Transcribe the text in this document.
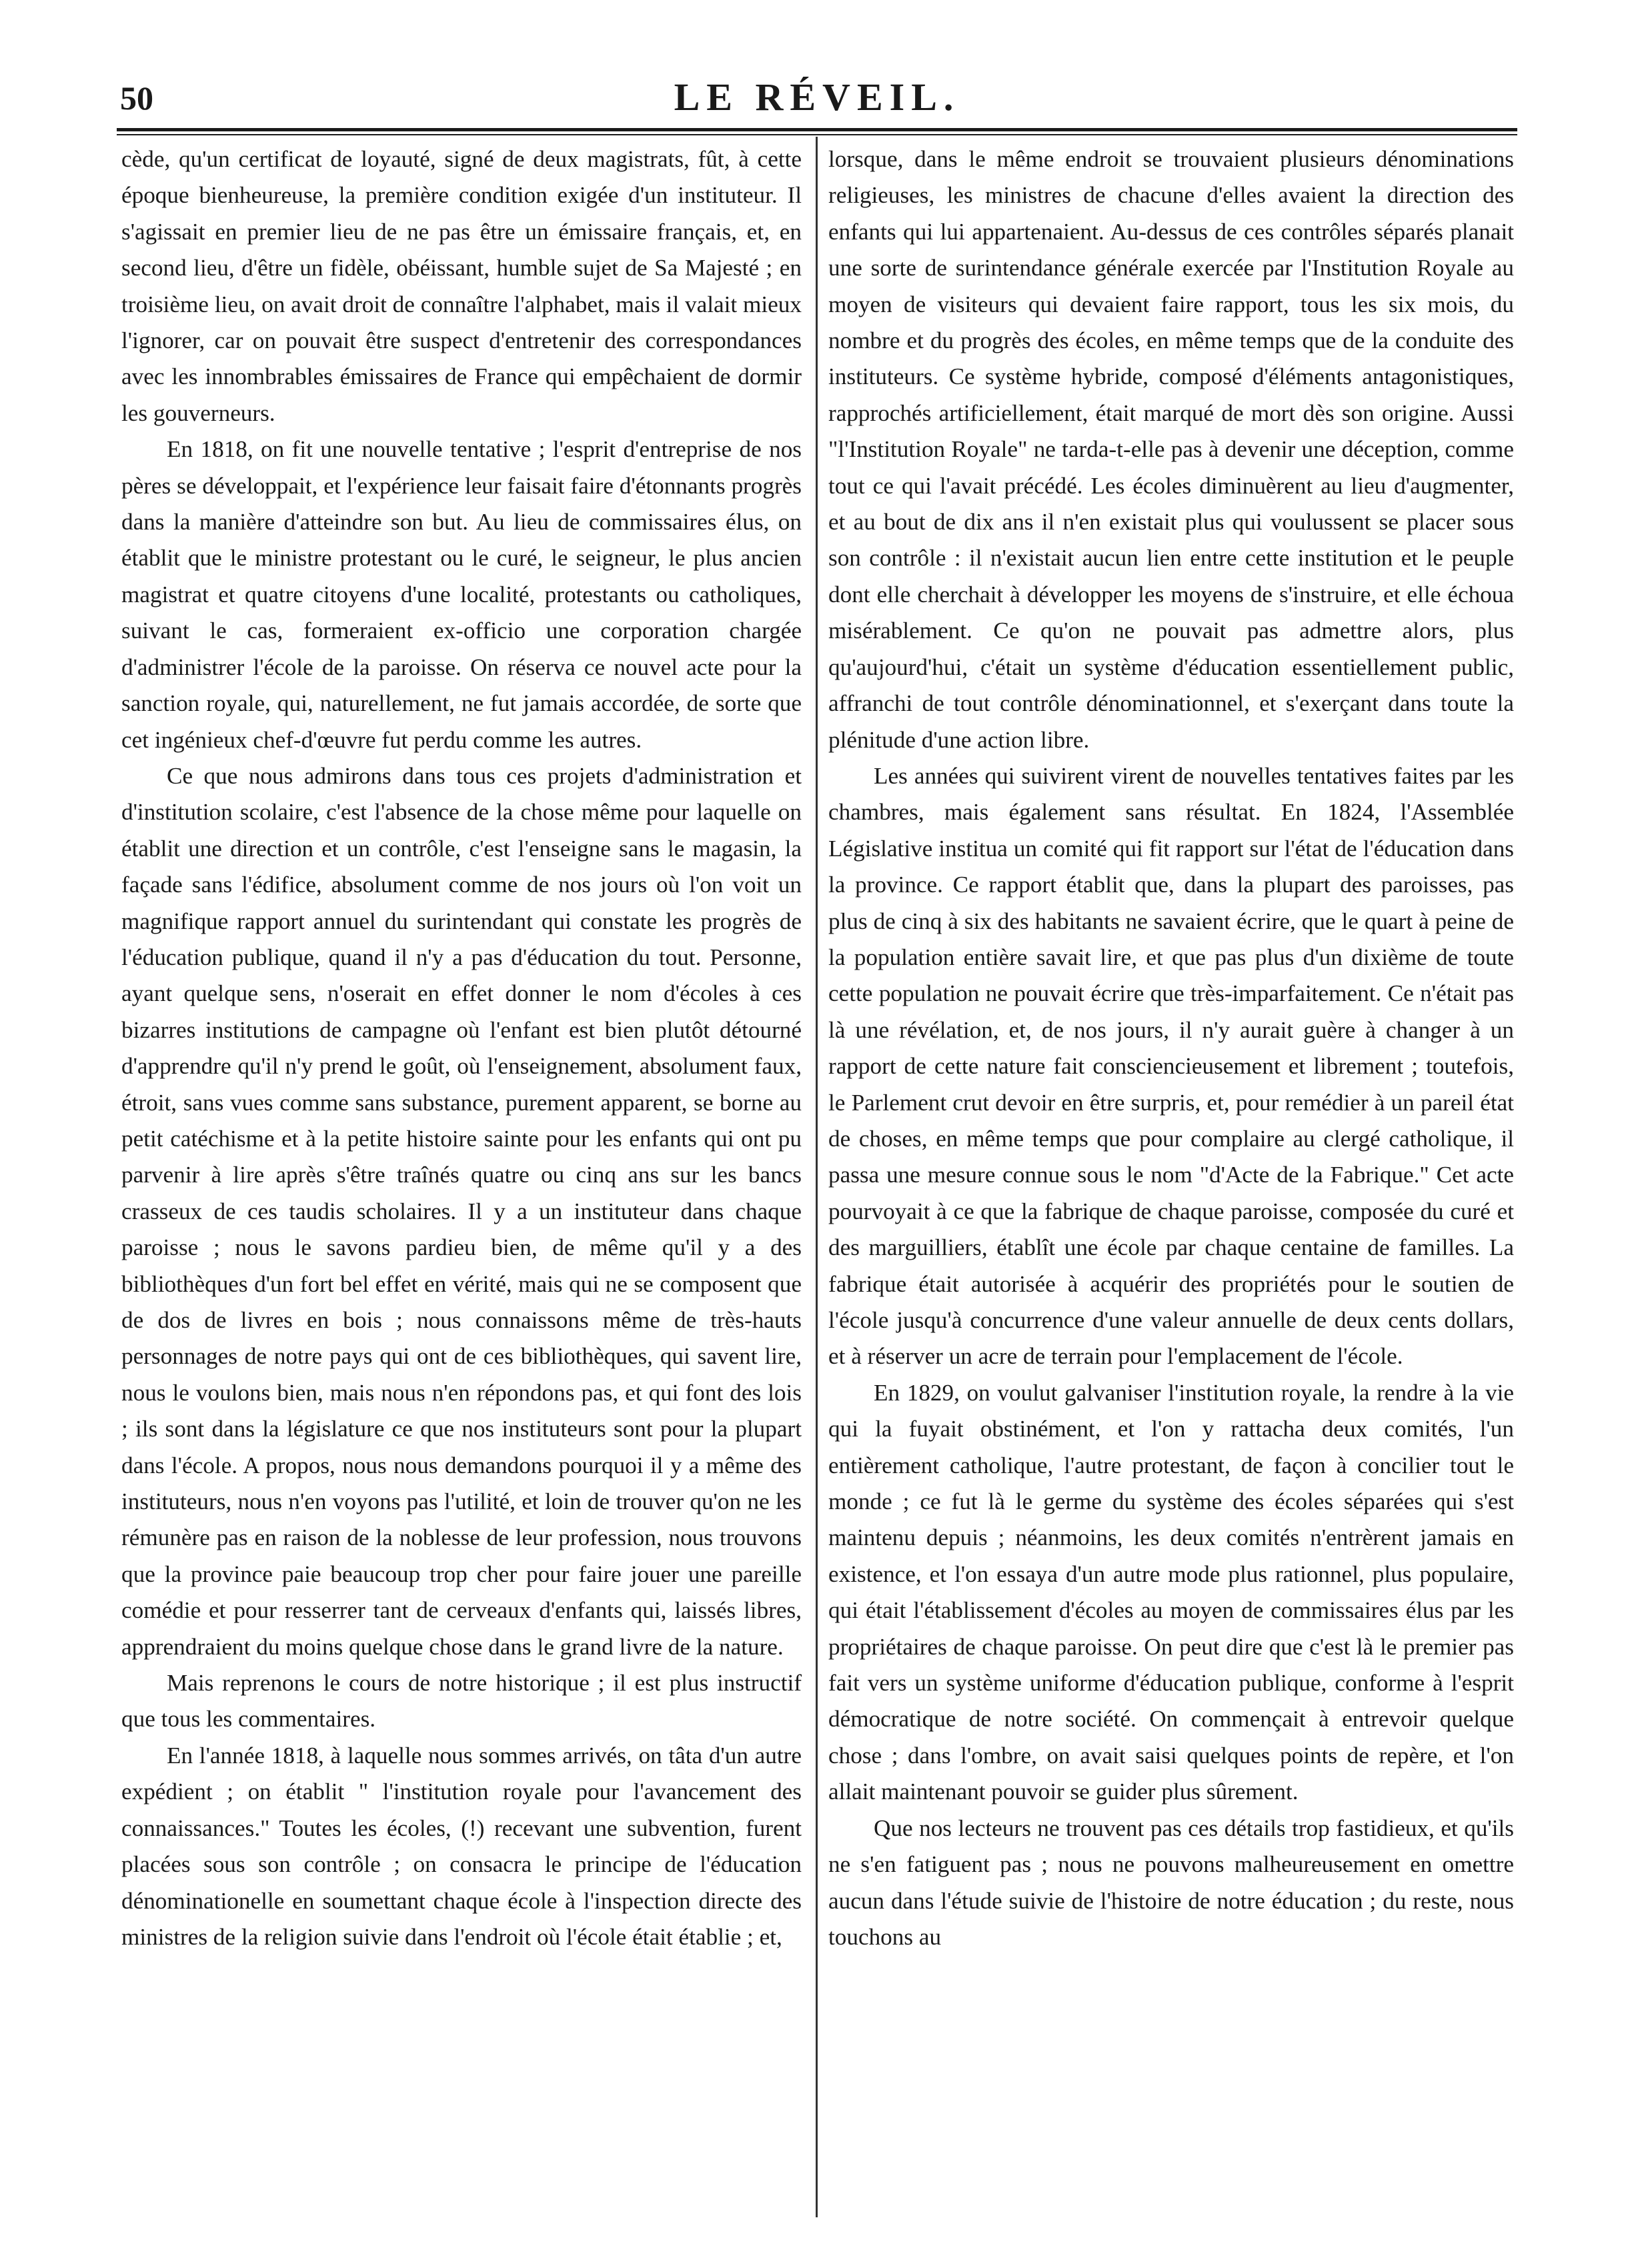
50	LE RÉVEIL.

cède, qu'un certificat de loyauté, signé de deux magistrats, fût, à cette époque bienheureuse, la première condition exigée d'un instituteur. Il s'agissait en premier lieu de ne pas être un émissaire français, et, en second lieu, d'être un fidèle, obéissant, humble sujet de Sa Majesté ; en troisième lieu, on avait droit de connaître l'alphabet, mais il valait mieux l'ignorer, car on pouvait être suspect d'entretenir des correspondances avec les innombrables émissaires de France qui empêchaient de dormir les gouverneurs.

En 1818, on fit une nouvelle tentative ; l'esprit d'entreprise de nos pères se développait, et l'expérience leur faisait faire d'étonnants progrès dans la manière d'atteindre son but. Au lieu de commissaires élus, on établit que le ministre protestant ou le curé, le seigneur, le plus ancien magistrat et quatre citoyens d'une localité, protestants ou catholiques, suivant le cas, formeraient ex-officio une corporation chargée d'administrer l'école de la paroisse. On réserva ce nouvel acte pour la sanction royale, qui, naturellement, ne fut jamais accordée, de sorte que cet ingénieux chef-d'œuvre fut perdu comme les autres.

Ce que nous admirons dans tous ces projets d'administration et d'institution scolaire, c'est l'absence de la chose même pour laquelle on établit une direction et un contrôle, c'est l'enseigne sans le magasin, la façade sans l'édifice, absolument comme de nos jours où l'on voit un magnifique rapport annuel du surintendant qui constate les progrès de l'éducation publique, quand il n'y a pas d'éducation du tout. Personne, ayant quelque sens, n'oserait en effet donner le nom d'écoles à ces bizarres institutions de campagne où l'enfant est bien plutôt détourné d'apprendre qu'il n'y prend le goût, où l'enseignement, absolument faux, étroit, sans vues comme sans substance, purement apparent, se borne au petit catéchisme et à la petite histoire sainte pour les enfants qui ont pu parvenir à lire après s'être traînés quatre ou cinq ans sur les bancs crasseux de ces taudis scholaires. Il y a un instituteur dans chaque paroisse ; nous le savons pardieu bien, de même qu'il y a des bibliothèques d'un fort bel effet en vérité, mais qui ne se composent que de dos de livres en bois ; nous connaissons même de très-hauts personnages de notre pays qui ont de ces bibliothèques, qui savent lire, nous le voulons bien, mais nous n'en répondons pas, et qui font des lois ; ils sont dans la législature ce que nos instituteurs sont pour la plupart dans l'école. A propos, nous nous demandons pourquoi il y a même des instituteurs, nous n'en voyons pas l'utilité, et loin de trouver qu'on ne les rémunère pas en raison de la noblesse de leur profession, nous trouvons que la province paie beaucoup trop cher pour faire jouer une pareille comédie et pour resserrer tant de cerveaux d'enfants qui, laissés libres, apprendraient du moins quelque chose dans le grand livre de la nature.

Mais reprenons le cours de notre historique ; il est plus instructif que tous les commentaires.

En l'année 1818, à laquelle nous sommes arrivés, on tâta d'un autre expédient ; on établit " l'institution royale pour l'avancement des connaissances." Toutes les écoles, (!) recevant une subvention, furent placées sous son contrôle ; on consacra le principe de l'éducation dénominationelle en soumettant chaque école à l'inspection directe des ministres de la religion suivie dans l'endroit où l'école était établie ; et,

lorsque, dans le même endroit se trouvaient plusieurs dénominations religieuses, les ministres de chacune d'elles avaient la direction des enfants qui lui appartenaient. Au-dessus de ces contrôles séparés planait une sorte de surintendance générale exercée par l'Institution Royale au moyen de visiteurs qui devaient faire rapport, tous les six mois, du nombre et du progrès des écoles, en même temps que de la conduite des instituteurs. Ce système hybride, composé d'éléments antagonistiques, rapprochés artificiellement, était marqué de mort dès son origine. Aussi "l'Institution Royale" ne tarda-t-elle pas à devenir une déception, comme tout ce qui l'avait précédé. Les écoles diminuèrent au lieu d'augmenter, et au bout de dix ans il n'en existait plus qui voulussent se placer sous son contrôle : il n'existait aucun lien entre cette institution et le peuple dont elle cherchait à développer les moyens de s'instruire, et elle échoua misérablement. Ce qu'on ne pouvait pas admettre alors, plus qu'aujourd'hui, c'était un système d'éducation essentiellement public, affranchi de tout contrôle dénominationnel, et s'exerçant dans toute la plénitude d'une action libre.

Les années qui suivirent virent de nouvelles tentatives faites par les chambres, mais également sans résultat. En 1824, l'Assemblée Législative institua un comité qui fit rapport sur l'état de l'éducation dans la province. Ce rapport établit que, dans la plupart des paroisses, pas plus de cinq à six des habitants ne savaient écrire, que le quart à peine de la population entière savait lire, et que pas plus d'un dixième de toute cette population ne pouvait écrire que très-imparfaitement. Ce n'était pas là une révélation, et, de nos jours, il n'y aurait guère à changer à un rapport de cette nature fait consciencieusement et librement ; toutefois, le Parlement crut devoir en être surpris, et, pour remédier à un pareil état de choses, en même temps que pour complaire au clergé catholique, il passa une mesure connue sous le nom "d'Acte de la Fabrique." Cet acte pourvoyait à ce que la fabrique de chaque paroisse, composée du curé et des marguilliers, établît une école par chaque centaine de familles. La fabrique était autorisée à acquérir des propriétés pour le soutien de l'école jusqu'à concurrence d'une valeur annuelle de deux cents dollars, et à réserver un acre de terrain pour l'emplacement de l'école.

En 1829, on voulut galvaniser l'institution royale, la rendre à la vie qui la fuyait obstinément, et l'on y rattacha deux comités, l'un entièrement catholique, l'autre protestant, de façon à concilier tout le monde ; ce fut là le germe du système des écoles séparées qui s'est maintenu depuis ; néanmoins, les deux comités n'entrèrent jamais en existence, et l'on essaya d'un autre mode plus rationnel, plus populaire, qui était l'établissement d'écoles au moyen de commissaires élus par les propriétaires de chaque paroisse. On peut dire que c'est là le premier pas fait vers un système uniforme d'éducation publique, conforme à l'esprit démocratique de notre société. On commençait à entrevoir quelque chose ; dans l'ombre, on avait saisi quelques points de repère, et l'on allait maintenant pouvoir se guider plus sûrement.

Que nos lecteurs ne trouvent pas ces détails trop fastidieux, et qu'ils ne s'en fatiguent pas ; nous ne pouvons malheureusement en omettre aucun dans l'étude suivie de l'histoire de notre éducation ; du reste, nous touchons au
